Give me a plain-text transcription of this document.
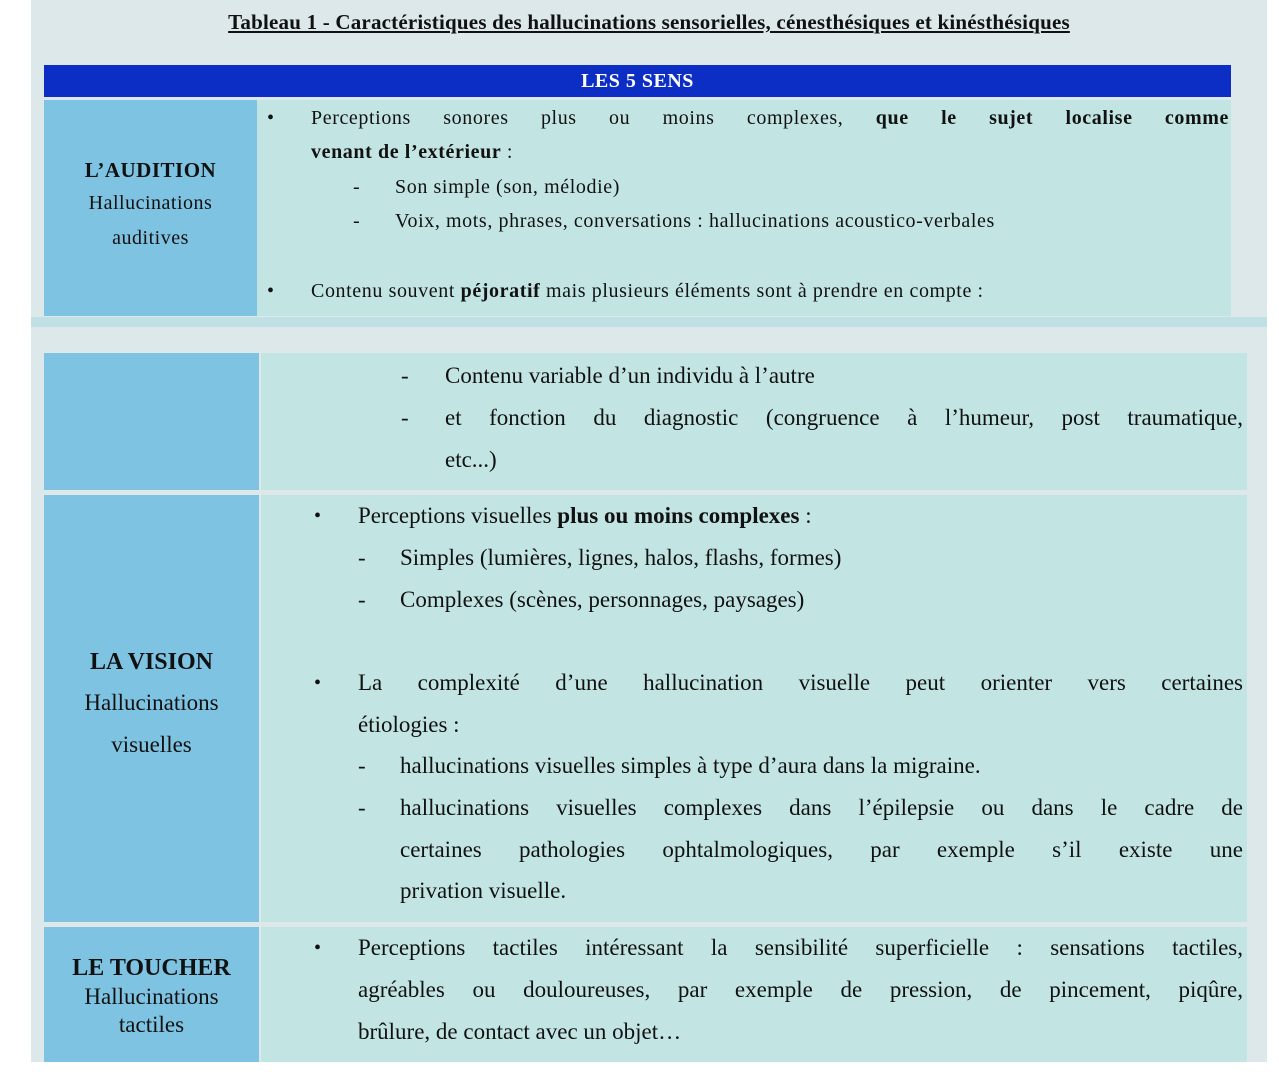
Tableau 1 - Caractéristiques des hallucinations sensorielles, cénesthésiques et kinésthésiques
LES 5 SENS
L’AUDITION
Hallucinations
auditives
• Perceptions sonores plus ou moins complexes, que le sujet localise comme
venant de l’extérieur :
- Son simple (son, mélodie)
- Voix, mots, phrases, conversations : hallucinations acoustico-verbales
• Contenu souvent péjoratif mais plusieurs éléments sont à prendre en compte :
- Contenu variable d’un individu à l’autre
- et fonction du diagnostic (congruence à l’humeur, post traumatique,
etc...)
LA VISION
Hallucinations
visuelles
• Perceptions visuelles plus ou moins complexes :
- Simples (lumières, lignes, halos, flashs, formes)
- Complexes (scènes, personnages, paysages)
• La complexité d’une hallucination visuelle peut orienter vers certaines
étiologies :
- hallucinations visuelles simples à type d’aura dans la migraine.
- hallucinations visuelles complexes dans l’épilepsie ou dans le cadre de
certaines pathologies ophtalmologiques, par exemple s’il existe une
privation visuelle.
LE TOUCHER
Hallucinations
tactiles
• Perceptions tactiles intéressant la sensibilité superficielle : sensations tactiles,
agréables ou douloureuses, par exemple de pression, de pincement, piqûre,
brûlure, de contact avec un objet…
